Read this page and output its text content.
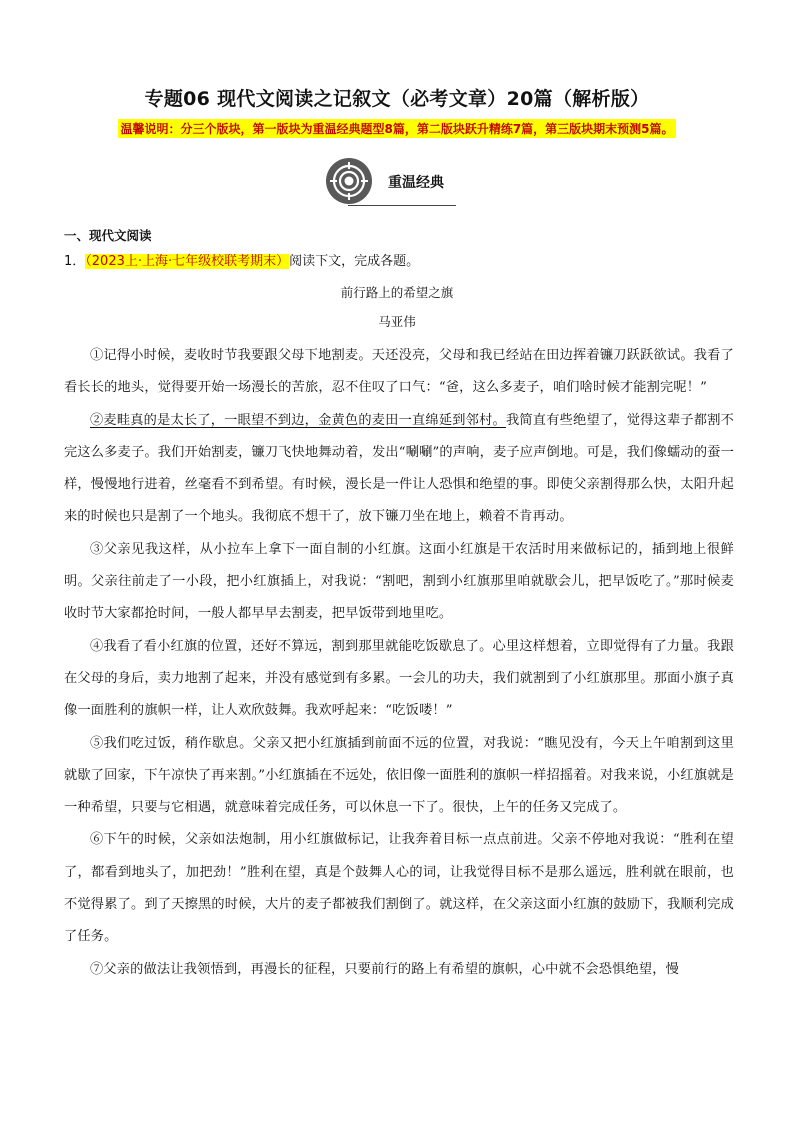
专题06 现代文阅读之记叙文（必考文章）20篇（解析版）
温馨说明：分三个版块，第一版块为重温经典题型8篇，第二版块跃升精练7篇，第三版块期末预测5篇。
重温经典
一、现代文阅读
1．（2023上·上海·七年级校联考期末）阅读下文，完成各题。
前行路上的希望之旗
马亚伟

①记得小时候，麦收时节我要跟父母下地割麦。天还没亮，父母和我已经站在田边挥着镰刀跃跃欲试。我看了看长长的地头，觉得要开始一场漫长的苦旅，忍不住叹了口气：“爸，这么多麦子，咱们啥时候才能割完呢！”

②麦畦真的是太长了，一眼望不到边，金黄色的麦田一直绵延到邻村。我简直有些绝望了，觉得这辈子都割不完这么多麦子。我们开始割麦，镰刀飞快地舞动着，发出“唰唰”的声响，麦子应声倒地。可是，我们像蠕动的蚕一样，慢慢地行进着，丝毫看不到希望。有时候，漫长是一件让人恐惧和绝望的事。即使父亲割得那么快，太阳升起来的时候也只是割了一个地头。我彻底不想干了，放下镰刀坐在地上，赖着不肯再动。

③父亲见我这样，从小拉车上拿下一面自制的小红旗。这面小红旗是干农活时用来做标记的，插到地上很鲜明。父亲往前走了一小段，把小红旗插上，对我说：“割吧，割到小红旗那里咱就歇会儿，把早饭吃了。”那时候麦收时节大家都抢时间，一般人都早早去割麦，把早饭带到地里吃。

④我看了看小红旗的位置，还好不算远，割到那里就能吃饭歇息了。心里这样想着，立即觉得有了力量。我跟在父母的身后，卖力地割了起来，并没有感觉到有多累。一会儿的功夫，我们就割到了小红旗那里。那面小旗子真像一面胜利的旗帜一样，让人欢欣鼓舞。我欢呼起来：“吃饭喽！”

⑤我们吃过饭，稍作歇息。父亲又把小红旗插到前面不远的位置，对我说：“瞧见没有，今天上午咱割到这里就歇了回家，下午凉快了再来割。”小红旗插在不远处，依旧像一面胜利的旗帜一样招摇着。对我来说，小红旗就是一种希望，只要与它相遇，就意味着完成任务，可以休息一下了。很快，上午的任务又完成了。

⑥下午的时候，父亲如法炮制，用小红旗做标记，让我奔着目标一点点前进。父亲不停地对我说：“胜利在望了，都看到地头了，加把劲！”胜利在望，真是个鼓舞人心的词，让我觉得目标不是那么遥远，胜利就在眼前，也不觉得累了。到了天擦黑的时候，大片的麦子都被我们割倒了。就这样，在父亲这面小红旗的鼓励下，我顺利完成了任务。

⑦父亲的做法让我领悟到，再漫长的征程，只要前行的路上有希望的旗帜，心中就不会恐惧绝望，慢
